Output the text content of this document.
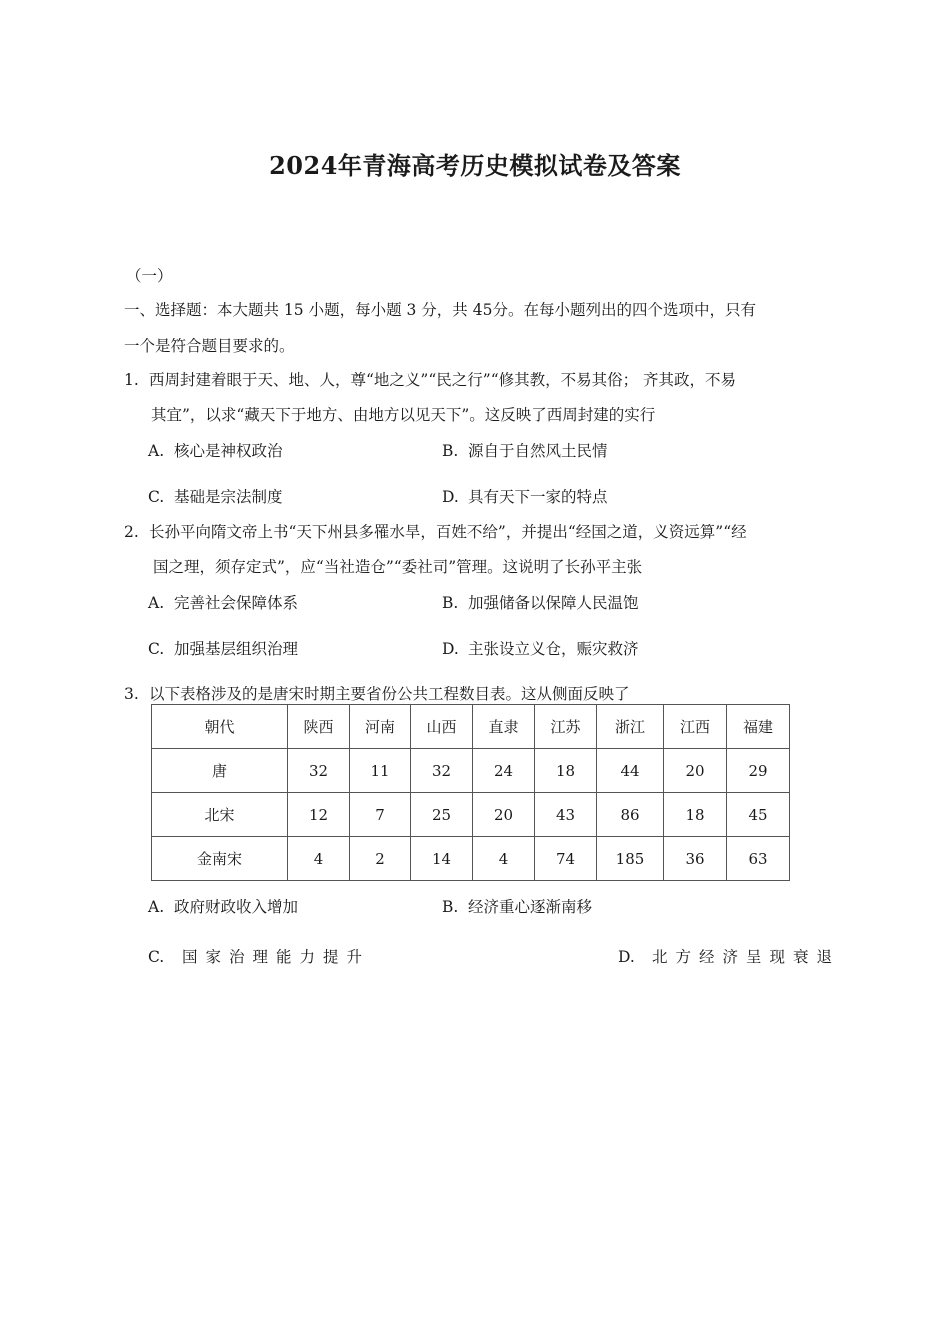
2024年青海高考历史模拟试卷及答案
（一）
一、选择题：本大题共 15 小题，每小题 3 分，共 45分。在每小题列出的四个选项中，只有
一个是符合题目要求的。
1. 西周封建着眼于天、地、人，尊“地之义”“民之行”“修其教，不易其俗； 齐其政，不易
其宜”，以求“藏天下于地方、由地方以见天下”。这反映了西周封建的实行
A. 核心是神权政治	B. 源自于自然风土民情
C. 基础是宗法制度	D. 具有天下一家的特点
2. 长孙平向隋文帝上书“天下州县多罹水旱，百姓不给”，并提出“经国之道，义资远算”“经
国之理，须存定式”，应“当社造仓”“委社司”管理。这说明了长孙平主张
A. 完善社会保障体系	B. 加强储备以保障人民温饱
C. 加强基层组织治理	D. 主张设立义仓，赈灾救济
3. 以下表格涉及的是唐宋时期主要省份公共工程数目表。这从侧面反映了
朝代	陕西	河南	山西	直隶	江苏	浙江	江西	福建
唐	32	11	32	24	18	44	20	29
北宋	12	7	25	20	43	86	18	45
金南宋	4	2	14	4	74	185	36	63
A. 政府财政收入增加	B. 经济重心逐渐南移
C. 国家治理能力提升	D. 北方经济呈现衰退
